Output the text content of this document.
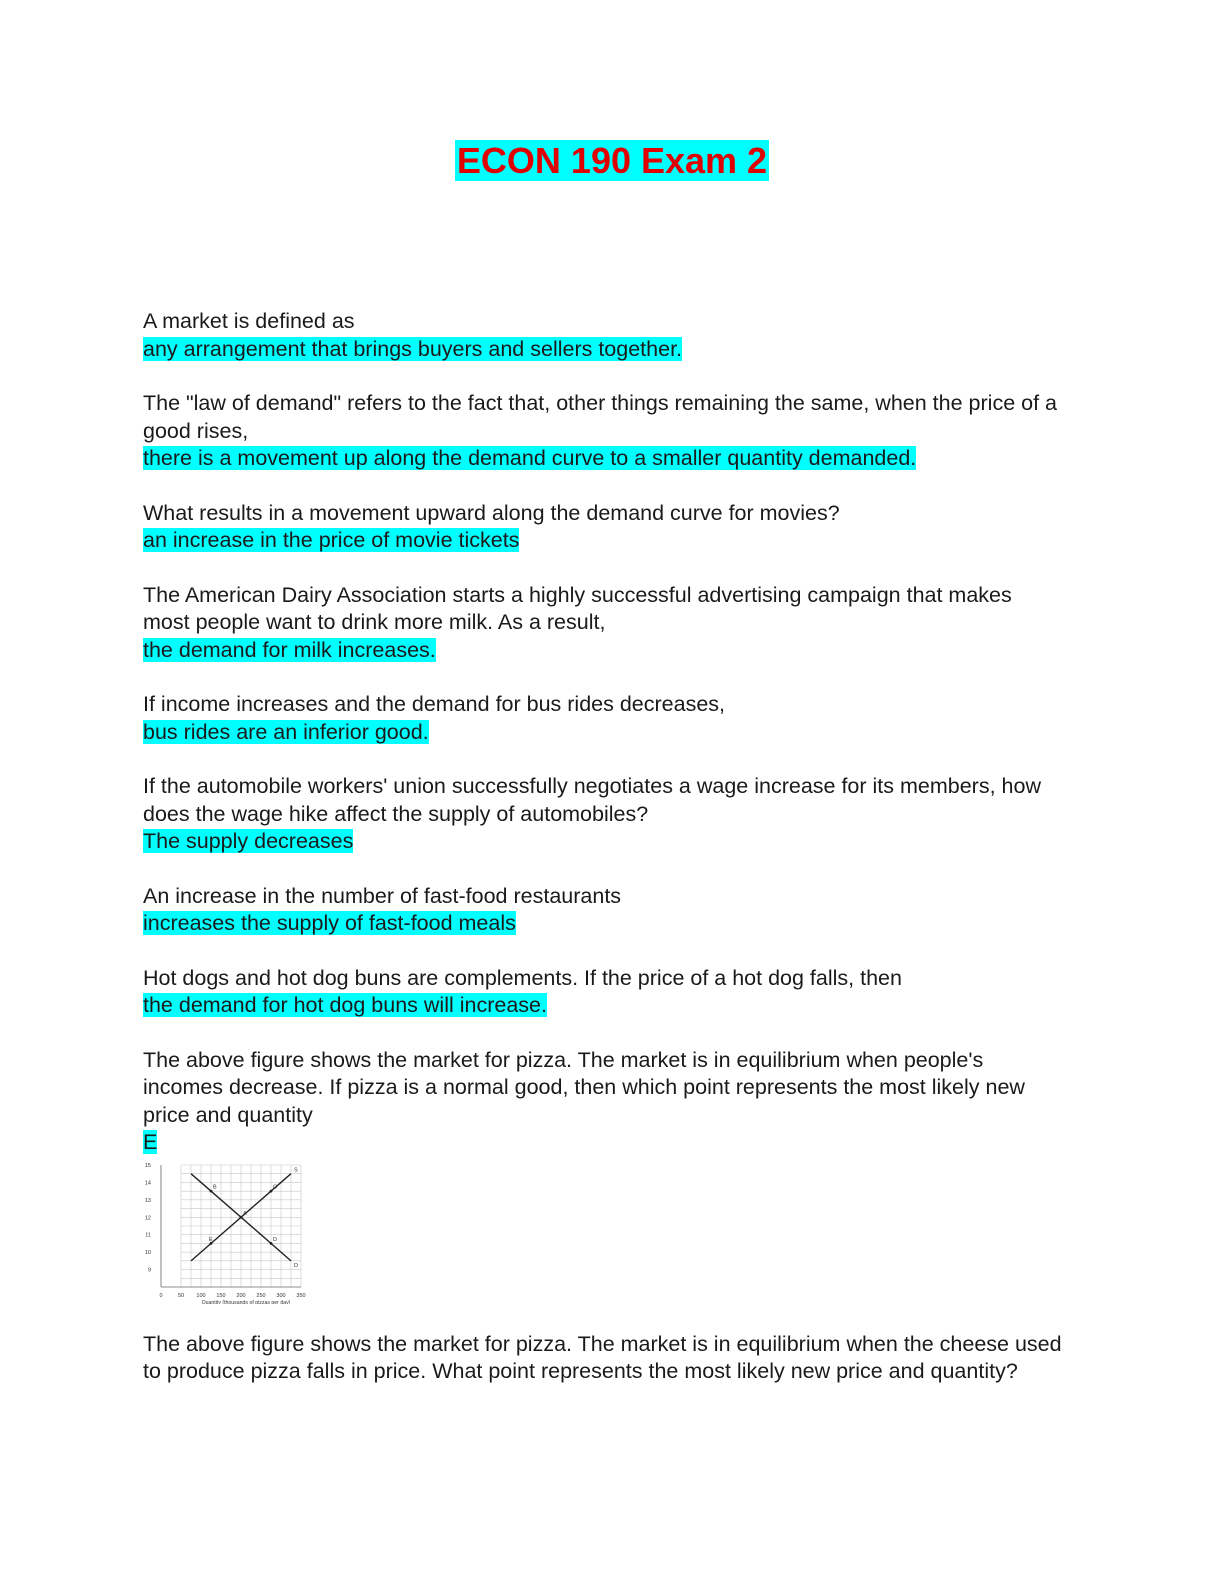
ECON 190 Exam 2

A market is defined as

any arrangement that brings buyers and sellers together.

The "law of demand" refers to the fact that, other things remaining the same, when the price of a good rises,

there is a movement up along the demand curve to a smaller quantity demanded.

What results in a movement upward along the demand curve for movies?

an increase in the price of movie tickets

The American Dairy Association starts a highly successful advertising campaign that makes most people want to drink more milk. As a result,

the demand for milk increases.

If income increases and the demand for bus rides decreases,

bus rides are an inferior good.

If the automobile workers' union successfully negotiates a wage increase for its members, how does the wage hike affect the supply of automobiles?

The supply decreases

An increase in the number of fast-food restaurants

increases the supply of fast-food meals

Hot dogs and hot dog buns are complements. If the price of a hot dog falls, then

the demand for hot dog buns will increase.

The above figure shows the market for pizza. The market is in equilibrium when people's incomes decrease. If pizza is a normal good, then which point represents the most likely new price and quantity

E

9
10
11
12
13
14
15
0	50 100 150 200 250 300 350
Quantity (thousands of pizzas per day)
S
D
A
B	C
D
E

The above figure shows the market for pizza. The market is in equilibrium when the cheese used to produce pizza falls in price. What point represents the most likely new price and quantity?
